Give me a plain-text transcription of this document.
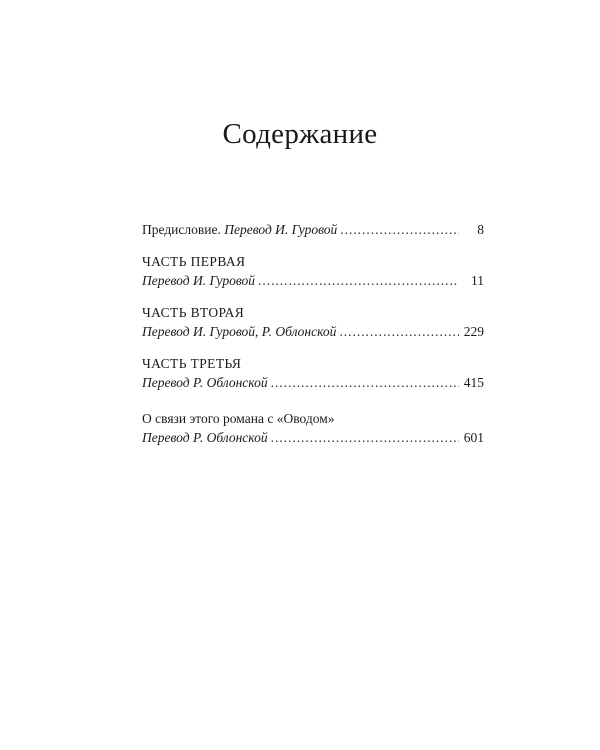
Содержание
Предисловие.
Перевод И. Гуровой . . .	8
ЧАСТЬ ПЕРВАЯ
Перевод И. Гуровой . . .	11
ЧАСТЬ ВТОРАЯ
Перевод И. Гуровой, Р. Облонской . . .	229
ЧАСТЬ ТРЕТЬЯ
Перевод Р. Облонской . . .	415
О связи этого романа с «Оводом»
Перевод Р. Облонской . . .	601
